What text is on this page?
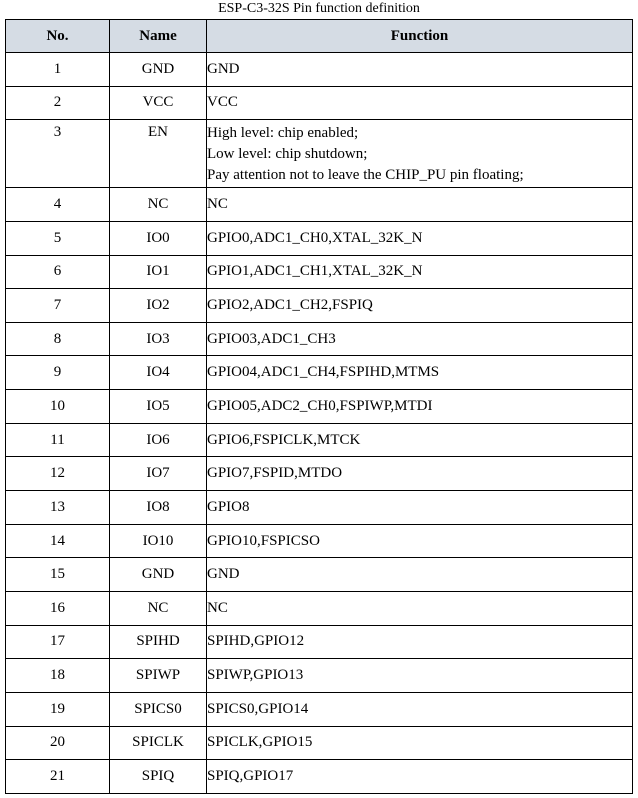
ESP-C3-32S Pin function definition
No.	Name	Function
1	GND	GND

2	VCC	VCC

3	EN	High level: chip enabled;
Low level: chip shutdown;
Pay attention not to leave the CHIP_PU pin floating;

4	NC	NC

5	IO0	GPIO0,ADC1_CH0,XTAL_32K_N

6	IO1	GPIO1,ADC1_CH1,XTAL_32K_N

7	IO2	GPIO2,ADC1_CH2,FSPIQ

8	IO3	GPIO03,ADC1_CH3

9	IO4	GPIO04,ADC1_CH4,FSPIHD,MTMS

10	IO5	GPIO05,ADC2_CH0,FSPIWP,MTDI

11	IO6	GPIO6,FSPICLK,MTCK

12	IO7	GPIO7,FSPID,MTDO

13	IO8	GPIO8

14	IO10	GPIO10,FSPICSO

15	GND	GND

16	NC	NC

17	SPIHD	SPIHD,GPIO12

18	SPIWP	SPIWP,GPIO13

19	SPICS0	SPICS0,GPIO14

20	SPICLK	SPICLK,GPIO15

21	SPIQ	SPIQ,GPIO17
